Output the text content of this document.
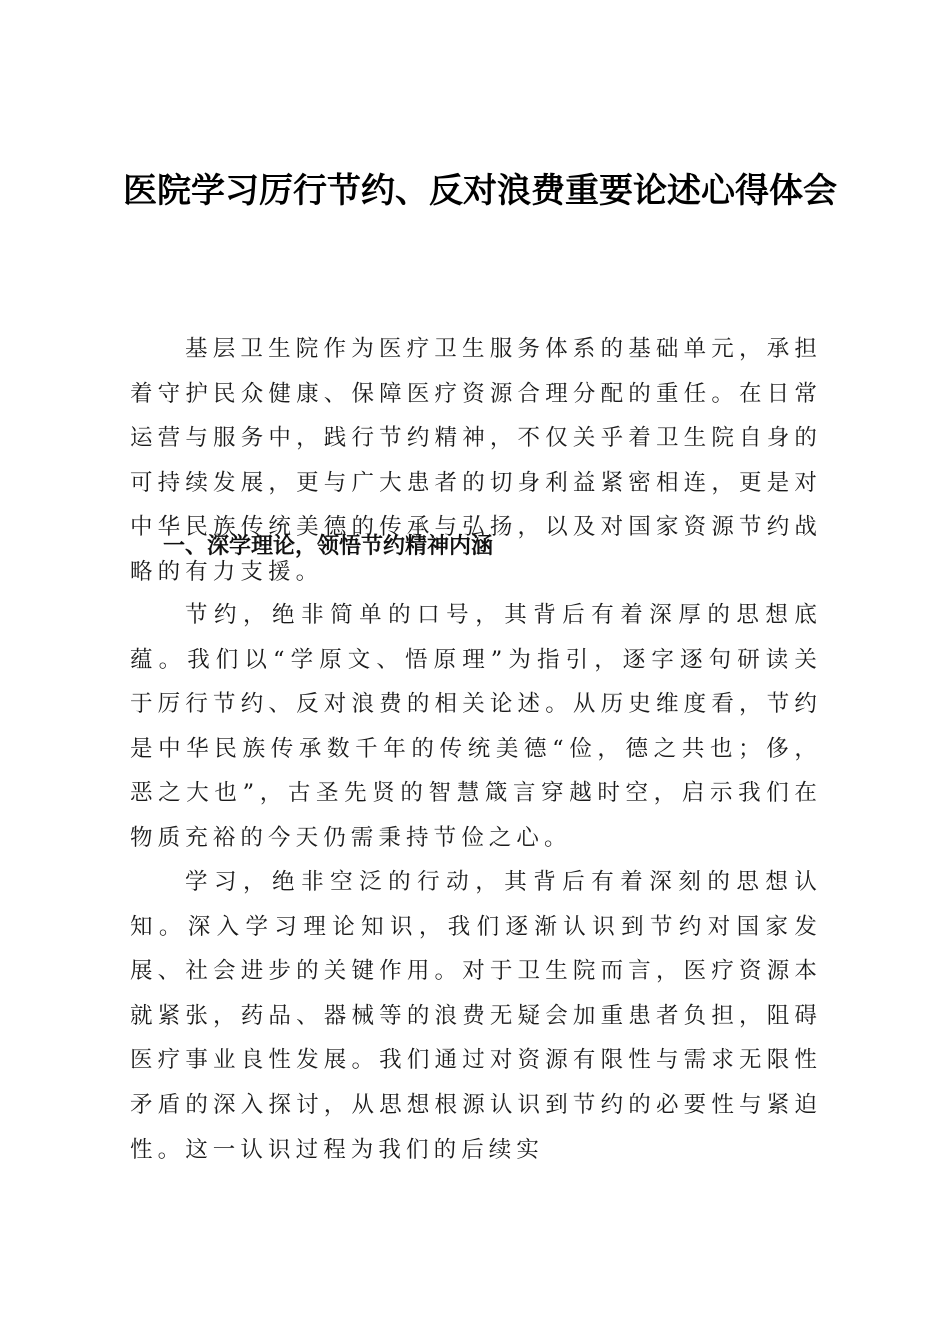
医院学习厉行节约、反对浪费重要论述心得体会

基层卫生院作为医疗卫生服务体系的基础单元，承担着守护民众健康、保障医疗资源合理分配的重任。在日常运营与服务中，践行节约精神，不仅关乎着卫生院自身的可持续发展，更与广大患者的切身利益紧密相连，更是对中华民族传统美德的传承与弘扬，以及对国家资源节约战略的有力支援。

一、深学理论，领悟节约精神内涵

节约，绝非简单的口号，其背后有着深厚的思想底蕴。我们以“学原文、悟原理”为指引，逐字逐句研读关于厉行节约、反对浪费的相关论述。从历史维度看，节约是中华民族传承数千年的传统美德“俭，德之共也；侈，恶之大也”，古圣先贤的智慧箴言穿越时空，启示我们在物质充裕的今天仍需秉持节俭之心。

学习，绝非空泛的行动，其背后有着深刻的思想认知。深入学习理论知识，我们逐渐认识到节约对国家发展、社会进步的关键作用。对于卫生院而言，医疗资源本就紧张，药品、器械等的浪费无疑会加重患者负担，阻碍医疗事业良性发展。我们通过对资源有限性与需求无限性矛盾的深入探讨，从思想根源认识到节约的必要性与紧迫性。这一认识过程为我们的后续实
